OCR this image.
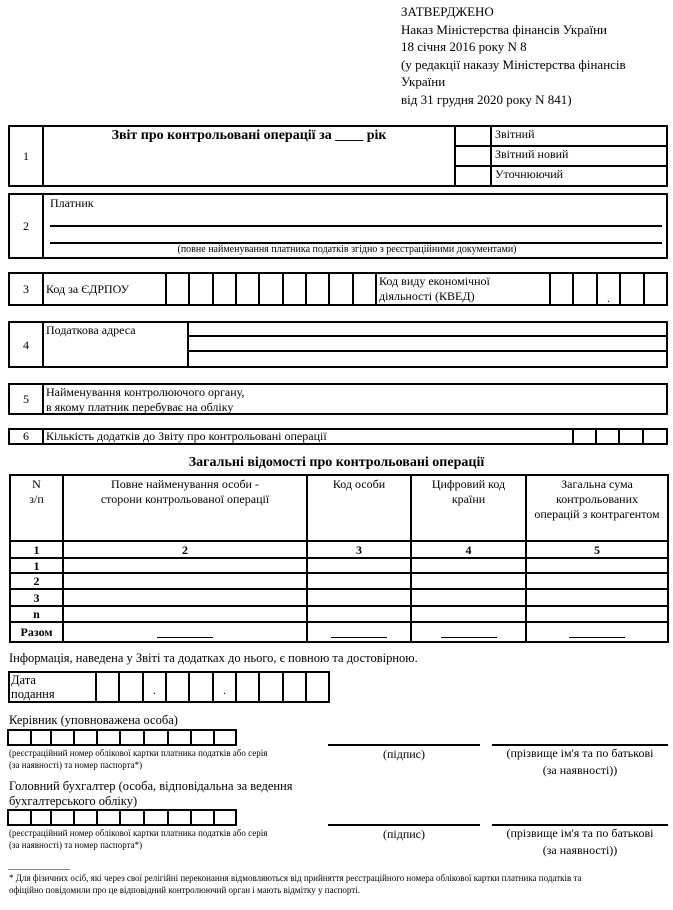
ЗАТВЕРДЖЕНО
Наказ Міністерства фінансів України
18 січня 2016 року N 8
(у редакції наказу Міністерства фінансів
України
від 31 грудня 2020 року N 841)
1
Звіт про контрольовані операції за ____ рік	Звітний
Звітний новий
Уточнюючий
2
Платник
(повне найменування платника податків згідно з реєстраційними документами)
3	Код за ЄДРПОУ
Код виду економічної
діяльності (КВЕД)	.
4
Податкова адреса
5	Найменування контролюючого органу,
в якому платник перебуває на обліку
6	Кількість додатків до Звіту про контрольовані операції
Загальні відомості про контрольовані операції
N
з/п	Повне найменування особи -
сторони контрольованої операції	Код особи	Цифровий код
країни	Загальна сума
контрольованих
операцій з контрагентом

1	2	3	4	5
1				
2				
3				
n				
Разом				
Інформація, наведена у Звіті та додатках до нього, є повною та достовірною.
Дата
подання	.	.
Керівник (уповноважена особа)
(реєстраційний номер облікової картки платника податків або серія
(за наявності) та номер паспорта*)
(підпис)	(прізвище ім'я та по батькові
(за наявності))
Головний бухгалтер (особа, відповідальна за ведення
бухгалтерського обліку)
(реєстраційний номер облікової картки платника податків або серія
(за наявності) та номер паспорта*)
(підпис)	(прізвище ім'я та по батькові
(за наявності))
* Для фізичних осіб, які через свої релігійні переконання відмовляються від прийняття реєстраційного номера облікової картки платника податків та
офіційно повідомили про це відповідний контролюючий орган і мають відмітку у паспорті.
